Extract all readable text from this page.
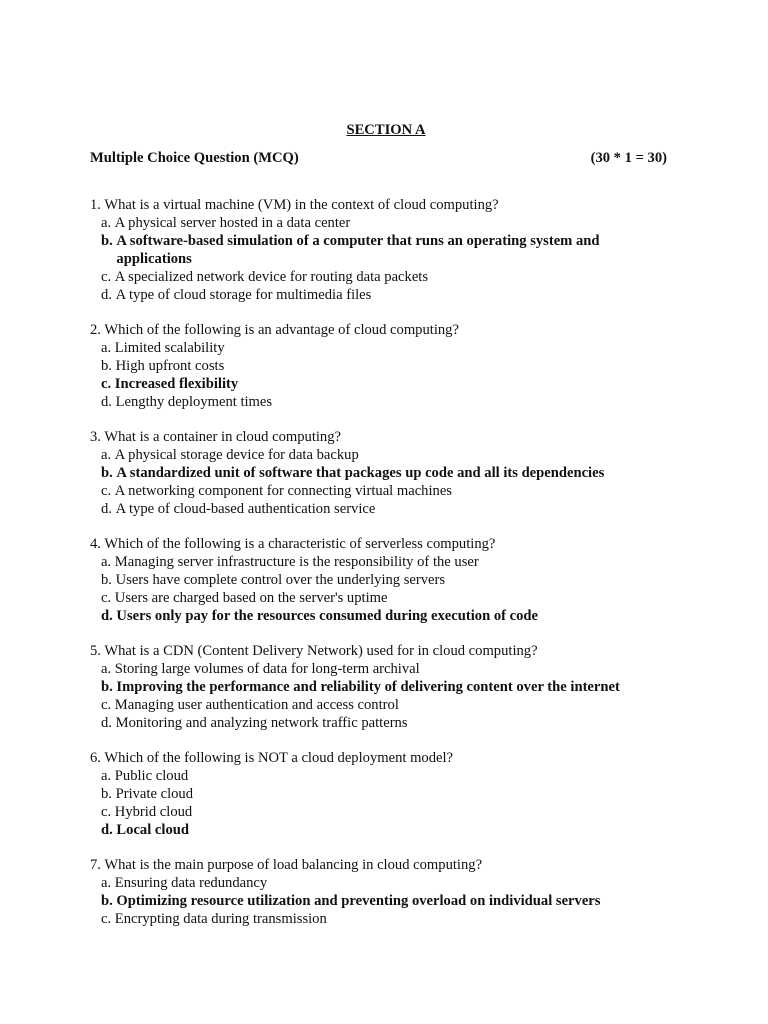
SECTION A
Multiple Choice Question (MCQ)	(30 * 1 = 30)
1. What is a virtual machine (VM) in the context of cloud computing?
a.
A physical server hosted in a data center
b.
A software-based simulation of a computer that runs an operating system and applications
c.
A specialized network device for routing data packets
d.
A type of cloud storage for multimedia files
2. Which of the following is an advantage of cloud computing?
a.
Limited scalability
b.
High upfront costs
c.
Increased flexibility
d.
Lengthy deployment times
3. What is a container in cloud computing?
a.
A physical storage device for data backup
b.
A standardized unit of software that packages up code and all its dependencies
c.
A networking component for connecting virtual machines
d.
A type of cloud-based authentication service
4. Which of the following is a characteristic of serverless computing?
a.
Managing server infrastructure is the responsibility of the user
b.
Users have complete control over the underlying servers
c.
Users are charged based on the server's uptime
d.
Users only pay for the resources consumed during execution of code
5. What is a CDN (Content Delivery Network) used for in cloud computing?
a.
Storing large volumes of data for long-term archival
b.
Improving the performance and reliability of delivering content over the internet
c.
Managing user authentication and access control
d.
Monitoring and analyzing network traffic patterns
6. Which of the following is NOT a cloud deployment model?
a.
Public cloud
b.
Private cloud
c.
Hybrid cloud
d.
Local cloud
7. What is the main purpose of load balancing in cloud computing?
a.
Ensuring data redundancy
b.
Optimizing resource utilization and preventing overload on individual servers
c.
Encrypting data during transmission
